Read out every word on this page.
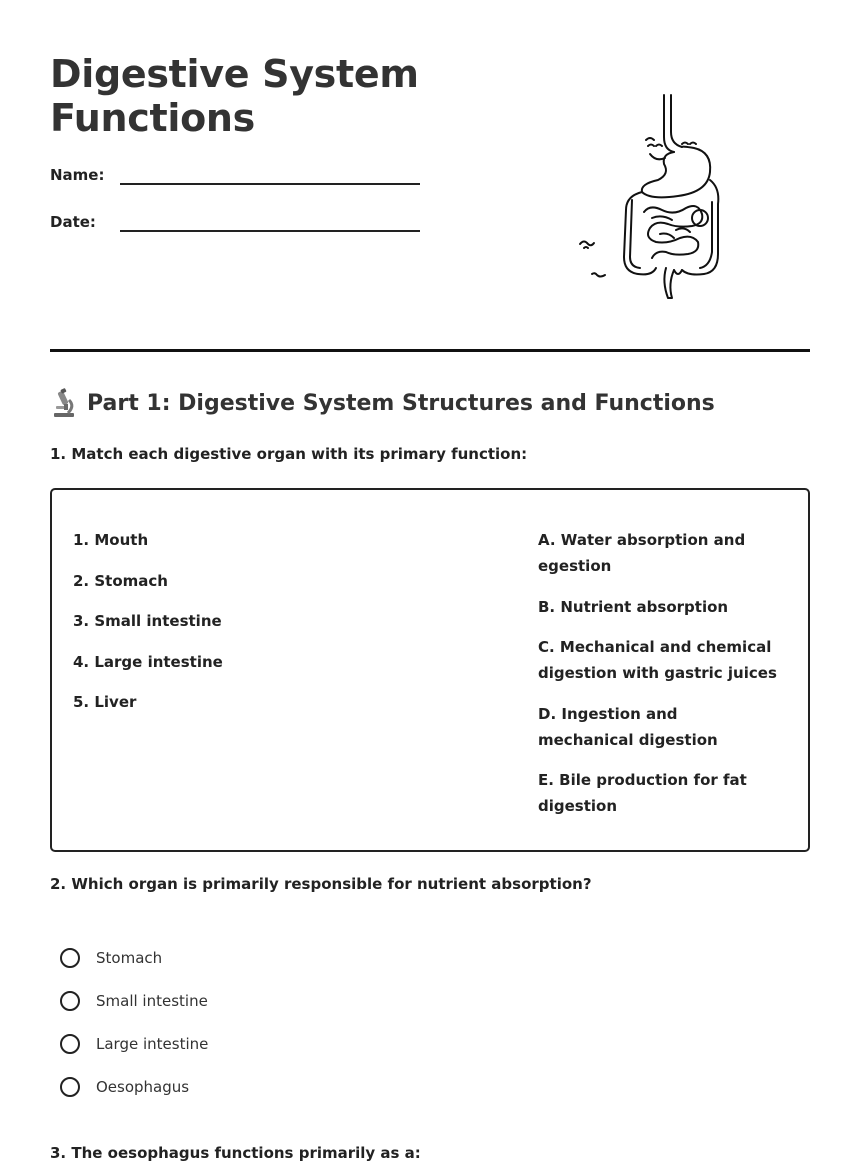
Digestive System Functions
Name:
Date:
Part 1: Digestive System Structures and Functions

1. Match each digestive organ with its primary function:

1. Mouth

2. Stomach

3. Small intestine

4. Large intestine

5. Liver

A. Water absorption and egestion

B. Nutrient absorption

C. Mechanical and chemical digestion with gastric juices

D. Ingestion and mechanical digestion

E. Bile production for fat digestion

2. Which organ is primarily responsible for nutrient absorption?

Stomach
Small intestine
Large intestine
Oesophagus

3. The oesophagus functions primarily as a:
